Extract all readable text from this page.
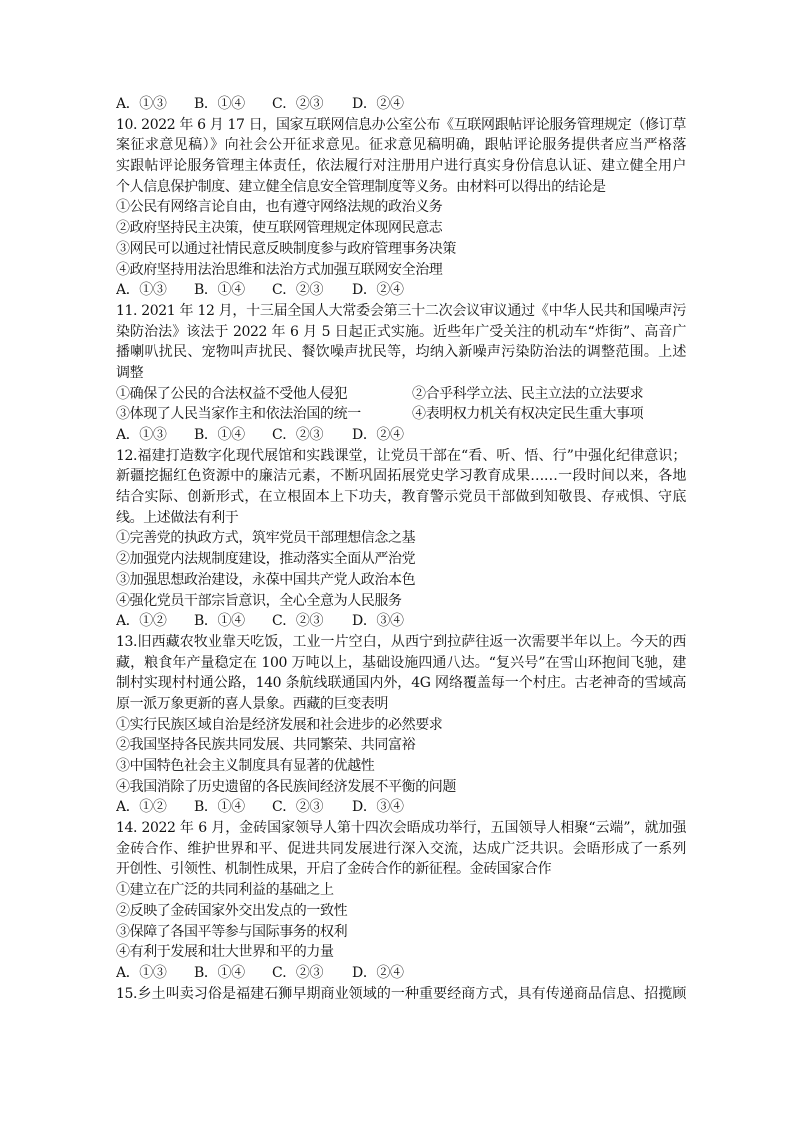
A．①③	B．①④	C．②③	D．②④
10. 2022 年 6 月 17 日，国家互联网信息办公室公布《互联网跟帖评论服务管理规定（修订草
案征求意见稿）》向社会公开征求意见。征求意见稿明确，跟帖评论服务提供者应当严格落
实跟帖评论服务管理主体责任，依法履行对注册用户进行真实身份信息认证、建立健全用户
个人信息保护制度、建立健全信息安全管理制度等义务。由材料可以得出的结论是
①公民有网络言论自由，也有遵守网络法规的政治义务
②政府坚持民主决策，使互联网管理规定体现网民意志
③网民可以通过社情民意反映制度参与政府管理事务决策
④政府坚持用法治思维和法治方式加强互联网安全治理
A．①③	B．①④	C．②③	D．②④
11. 2021 年 12 月，十三届全国人大常委会第三十二次会议审议通过《中华人民共和国噪声污
染防治法》该法于 2022 年 6 月 5 日起正式实施。近些年广受关注的机动车“炸街”、高音广
播喇叭扰民、宠物叫声扰民、餐饮噪声扰民等，均纳入新噪声污染防治法的调整范围。上述
调整
①确保了公民的合法权益不受他人侵犯	②合乎科学立法、民主立法的立法要求
③体现了人民当家作主和依法治国的统一	④表明权力机关有权决定民生重大事项
A．①③	B．①④	C．②③	D．②④
12.福建打造数字化现代展馆和实践课堂，让党员干部在“看、听、悟、行”中强化纪律意识；
新疆挖掘红色资源中的廉洁元素，不断巩固拓展党史学习教育成果……一段时间以来，各地
结合实际、创新形式，在立根固本上下功夫，教育警示党员干部做到知敬畏、存戒惧、守底
线。上述做法有利于
①完善党的执政方式，筑牢党员干部理想信念之基
②加强党内法规制度建设，推动落实全面从严治党
③加强思想政治建设，永葆中国共产党人政治本色
④强化党员干部宗旨意识，全心全意为人民服务
A．①②	B．①④	C．②③	D．③④
13.旧西藏农牧业靠天吃饭，工业一片空白，从西宁到拉萨往返一次需要半年以上。今天的西
藏，粮食年产量稳定在 100 万吨以上，基础设施四通八达。“复兴号”在雪山环抱间飞驰，建
制村实现村村通公路，140 条航线联通国内外，4G 网络覆盖每一个村庄。古老神奇的雪域高
原一派万象更新的喜人景象。西藏的巨变表明
①实行民族区域自治是经济发展和社会进步的必然要求
②我国坚持各民族共同发展、共同繁荣、共同富裕
③中国特色社会主义制度具有显著的优越性
④我国消除了历史遗留的各民族间经济发展不平衡的问题
A．①②	B．①④	C．②③	D．③④
14. 2022 年 6 月，金砖国家领导人第十四次会晤成功举行，五国领导人相聚“云端”，就加强
金砖合作、维护世界和平、促进共同发展进行深入交流，达成广泛共识。会晤形成了一系列
开创性、引领性、机制性成果，开启了金砖合作的新征程。金砖国家合作
①建立在广泛的共同利益的基础之上
②反映了金砖国家外交出发点的一致性
③保障了各国平等参与国际事务的权利
④有利于发展和壮大世界和平的力量
A．①③	B．①④	C．②③	D．②④
15.乡土叫卖习俗是福建石狮早期商业领域的一种重要经商方式，具有传递商品信息、招揽顾
